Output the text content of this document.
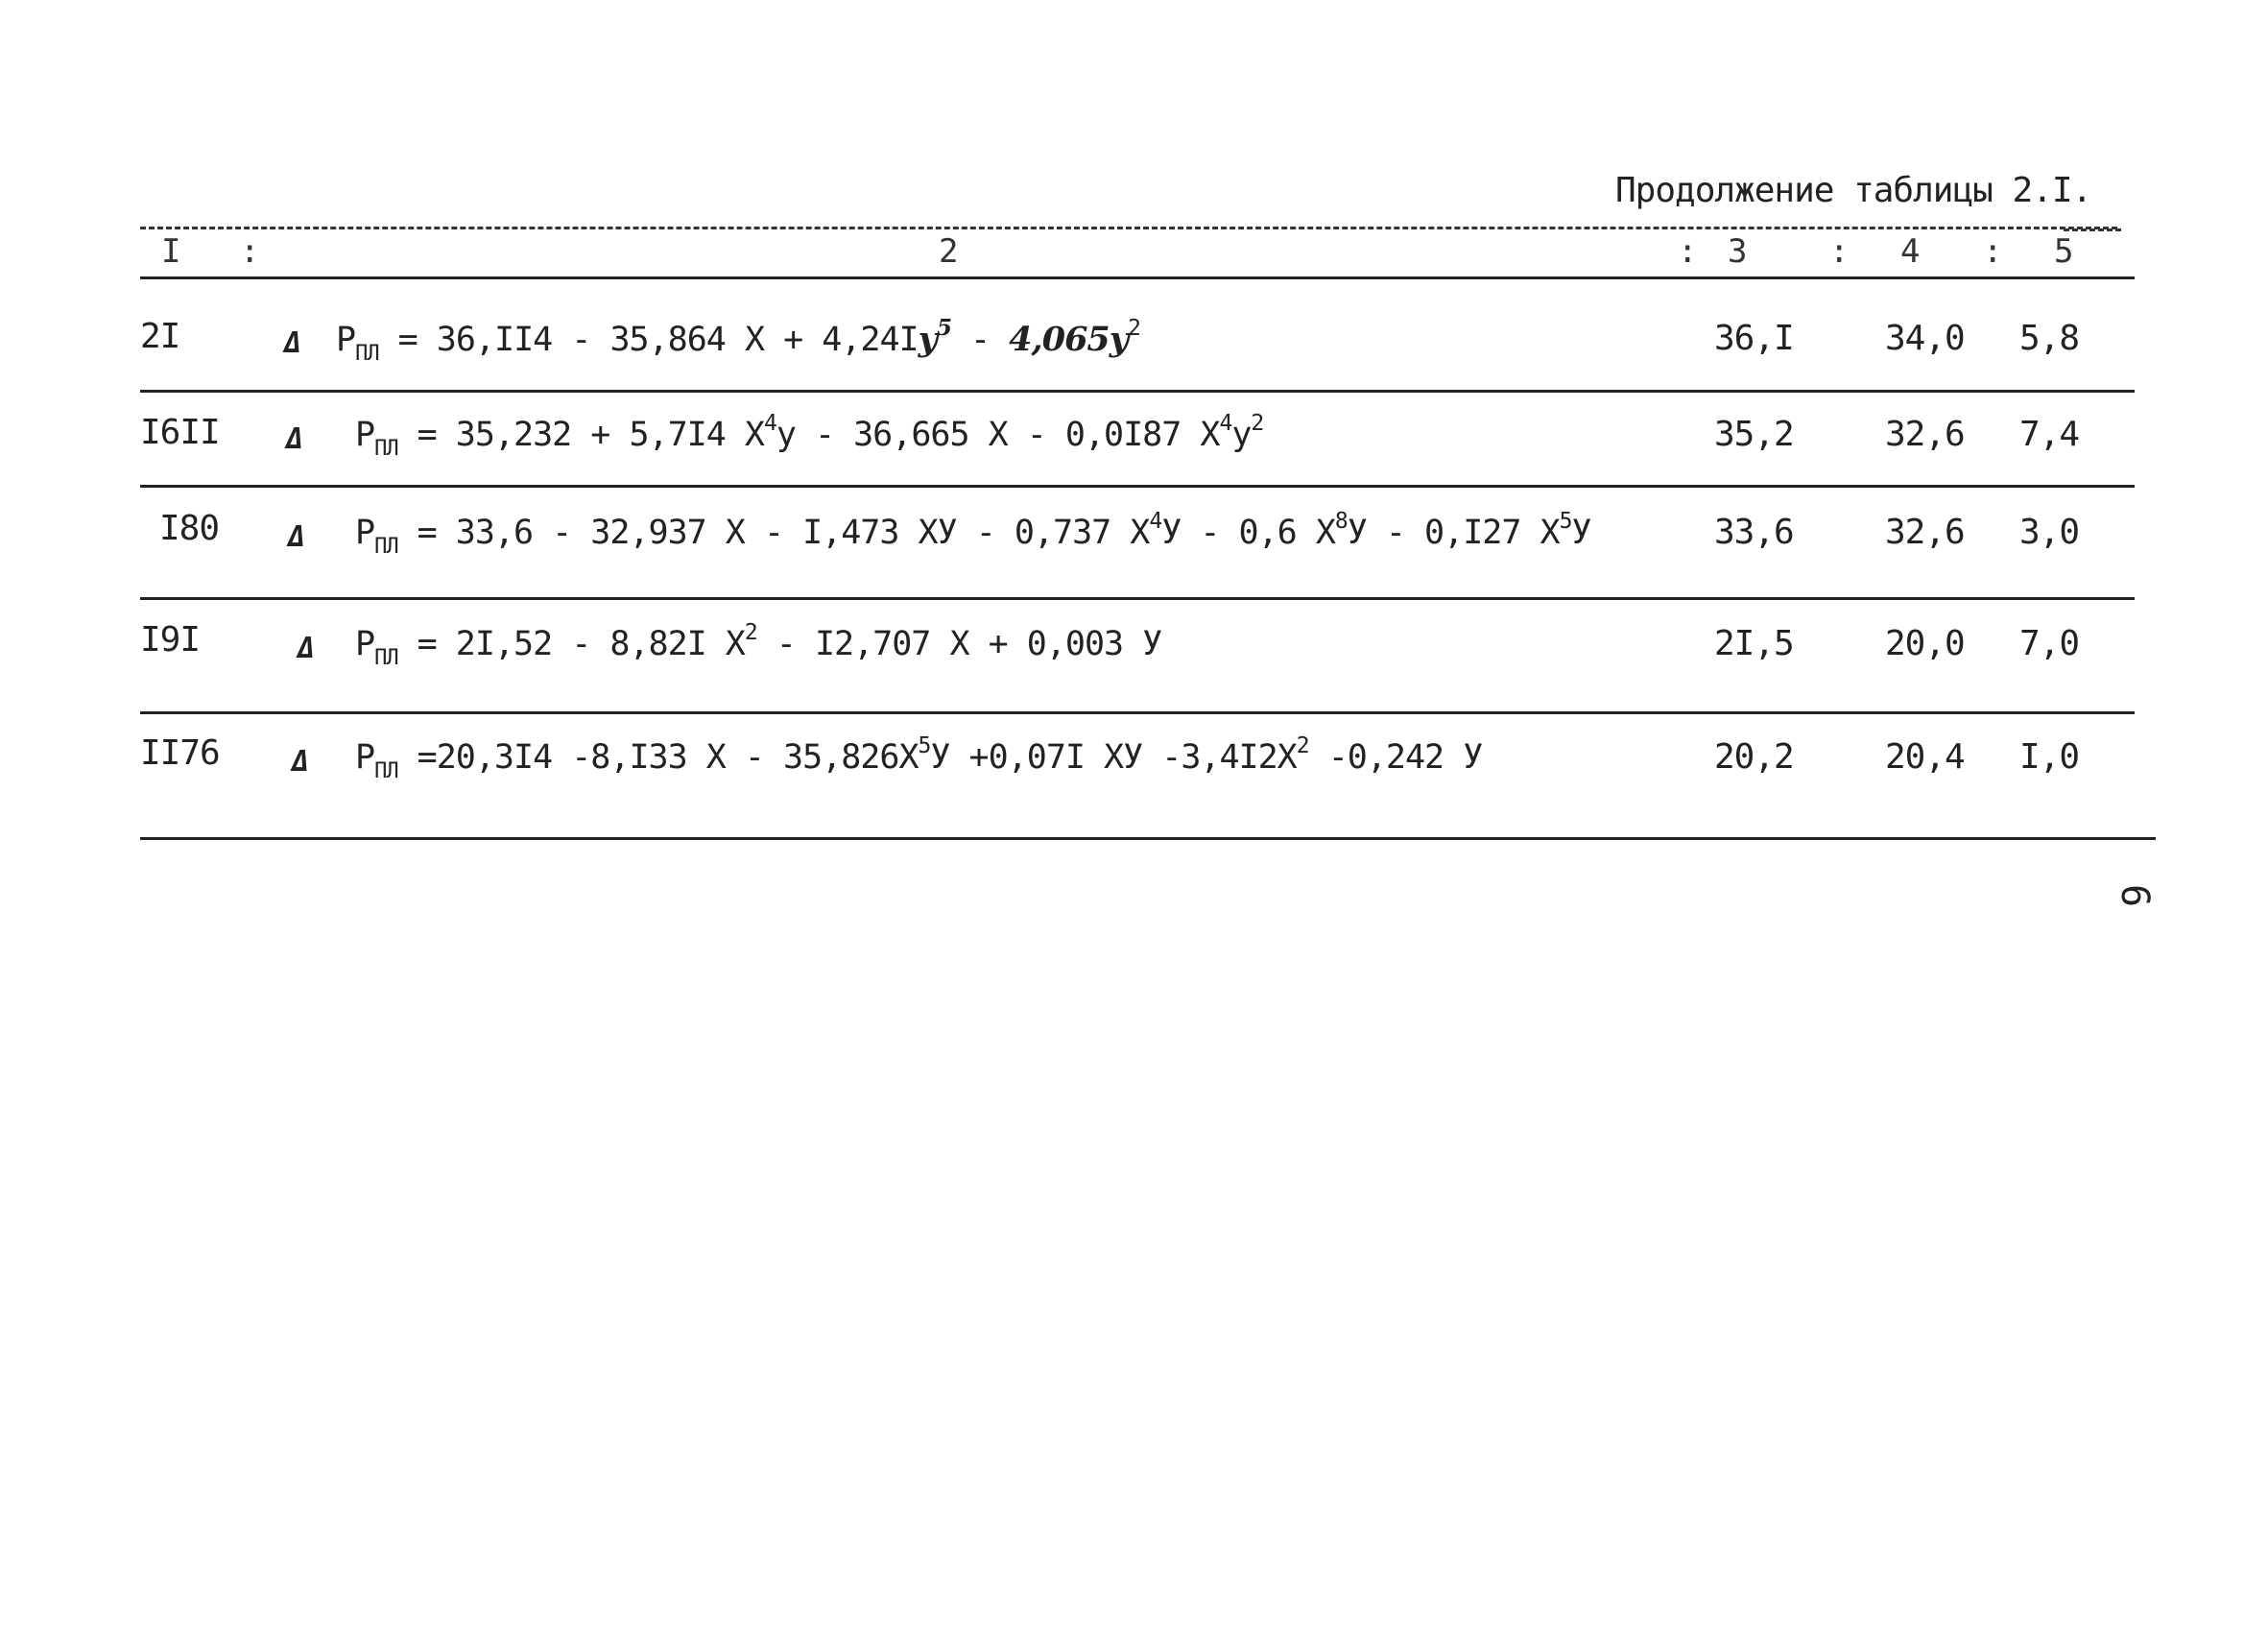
Продолжение таблицы 2.I.
I :	2	: 3	: 4 : 5
2I	Δ $P_{ПЛ} = 36,II4 - 35,864$ $X + 4,24Iy^5 - 4,065y^2$	36,I	34,0 5,8
I6II Δ $P_{ПЛ} = 35,232 + 5,7I4$ $X^4y - 36,665$ X - 0,0I87 $X^4y^2$	35,2	32,6 7,4
I80 Δ $P_{ПЛ} = 33,6 - 32,937$ X - I,473 XУ - 0,737 $X^4У - 0,6$ $X^8У - 0,I27$ $X^5У$	33,6	32,6 3,0
I9I	Δ $P_{ПЛ} = 2I,52 - 8,82I$ $X^2 - I2,707$ X + 0,003 У	2I,5	20,0 7,0
II76	Δ $P_{ПЛ} =20,3I4$ -8,I33 $X - 35,826X^5У +0,07I$ XУ $-3,4I2X^2$ -0,242 У	20,2	20,4 I,0
6
